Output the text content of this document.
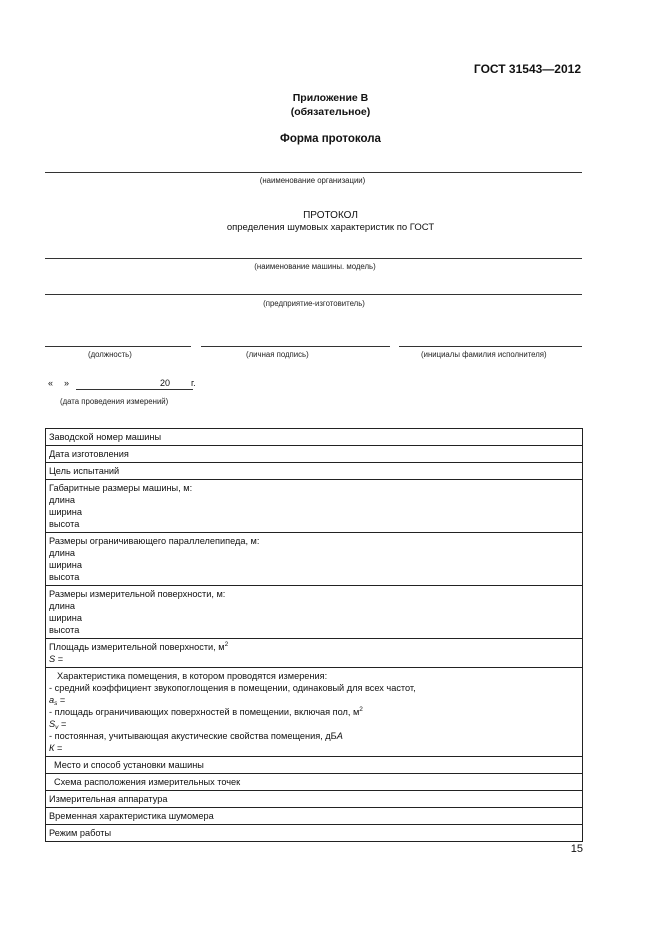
ГОСТ 31543—2012
Приложение В
(обязательное)
Форма протокола
(наименование организации)
ПРОТОКОЛ
определения шумовых характеристик по ГОСТ
(наименование машины. модель)
(предприятие-изготовитель)
(должность)	(личная подпись)	(инициалы фамилия исполнителя)
« »	20 г.
(дата проведения измерений)
Заводской номер машины
Дата изготовления
Цель испытаний

Габаритные размеры машины, м:
длина
ширина
высота

Размеры ограничивающего параллелепипеда, м:
длина
ширина
высота

Размеры измерительной поверхности, м:
длина
ширина
высота

Площадь измерительной поверхности, $м^2$
S =

Характеристика помещения, в котором проводятся измерения:
- средний коэффициент звукопоглощения в помещении, одинаковый для всех частот,
$a_s$ =
- площадь ограничивающих поверхностей в помещении, включая пол, $м^2$
$S_v$ =
- постоянная, учитывающая акустические свойства помещения, дБА
К =

Место и способ установки машины
Схема расположения измерительных точек
Измерительная аппаратура
Временная характеристика шумомера
Режим работы
15
